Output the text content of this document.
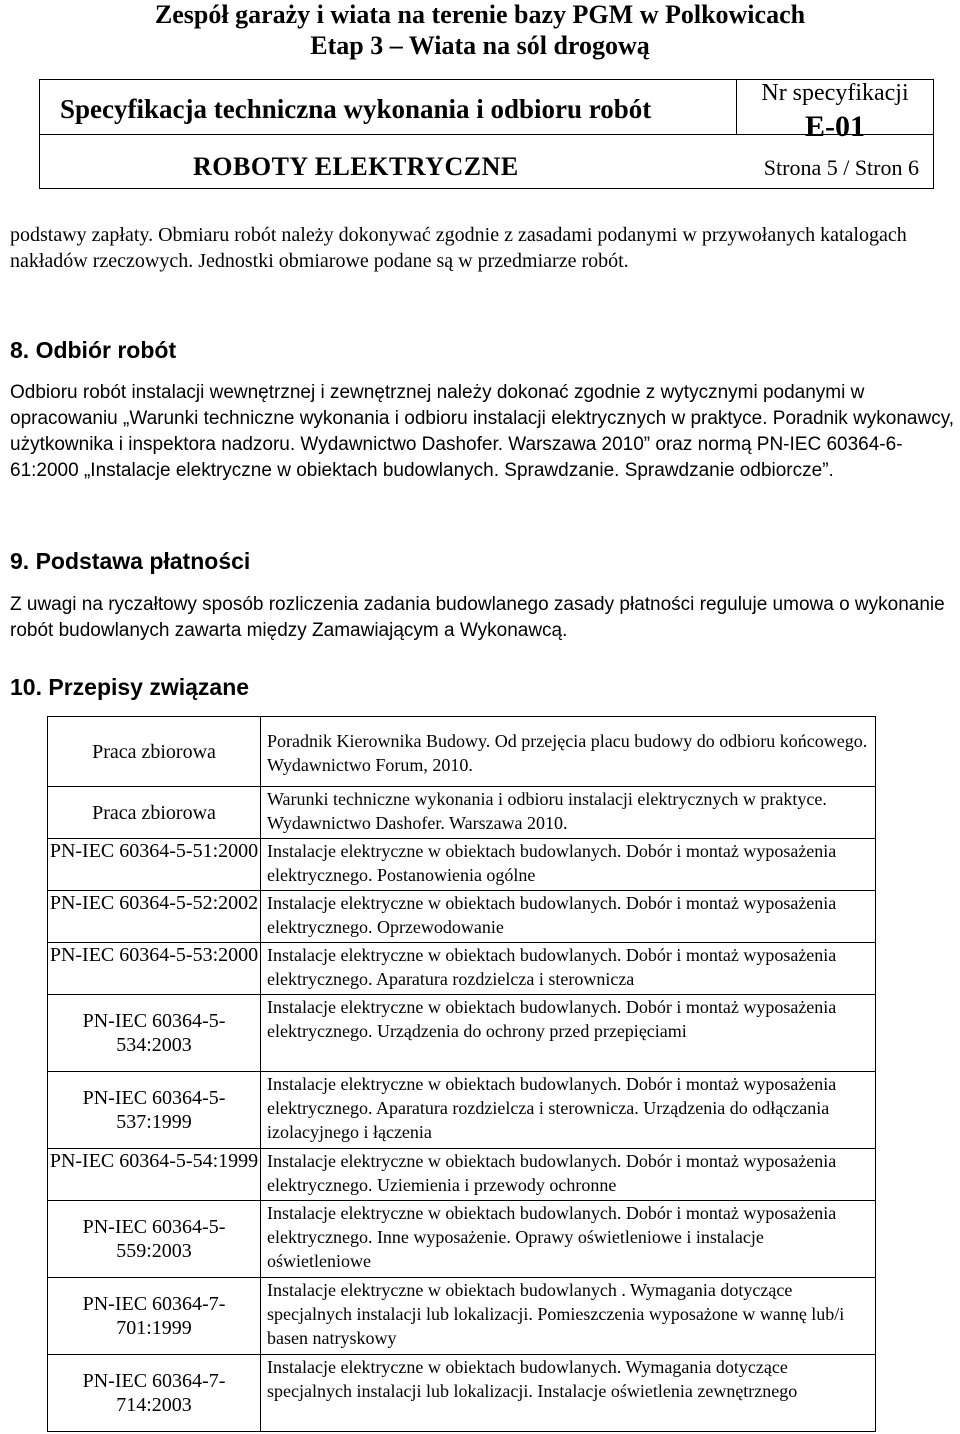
Zespół garaży i wiata na terenie bazy PGM w Polkowicach
Etap 3 – Wiata na sól drogową
Specyfikacja techniczna wykonania i odbioru robót
Nr specyfikacji
E-01
ROBOTY ELEKTRYCZNE	Strona 5 / Stron 6
podstawy zapłaty. Obmiaru robót należy dokonywać zgodnie z zasadami podanymi w przywołanych katalogach nakładów rzeczowych. Jednostki obmiarowe podane są w przedmiarze robót.
8. Odbiór robót
Odbioru robót instalacji wewnętrznej i zewnętrznej należy dokonać zgodnie z wytycznymi podanymi w opracowaniu „Warunki techniczne wykonania i odbioru instalacji elektrycznych w praktyce. Poradnik wykonawcy, użytkownika i inspektora nadzoru. Wydawnictwo Dashofer. Warszawa 2010” oraz normą PN-IEC 60364-6-61:2000 „Instalacje elektryczne w obiektach budowlanych. Sprawdzanie. Sprawdzanie odbiorcze”.
9. Podstawa płatności
Z uwagi na ryczałtowy sposób rozliczenia zadania budowlanego zasady płatności reguluje umowa o wykonanie robót budowlanych zawarta między Zamawiającym a Wykonawcą.
10. Przepisy związane
Praca zbiorowa	Poradnik Kierownika Budowy. Od przejęcia placu budowy do odbioru końcowego. Wydawnictwo Forum, 2010.
Praca zbiorowa	Warunki techniczne wykonania i odbioru instalacji elektrycznych w praktyce. Wydawnictwo Dashofer. Warszawa 2010.
PN-IEC 60364-5-51:2000	Instalacje elektryczne w obiektach budowlanych. Dobór i montaż wyposażenia elektrycznego. Postanowienia ogólne
PN-IEC 60364-5-52:2002	Instalacje elektryczne w obiektach budowlanych. Dobór i montaż wyposażenia elektrycznego. Oprzewodowanie
PN-IEC 60364-5-53:2000	Instalacje elektryczne w obiektach budowlanych. Dobór i montaż wyposażenia elektrycznego. Aparatura rozdzielcza i sterownicza
PN-IEC 60364-5-534:2003	Instalacje elektryczne w obiektach budowlanych. Dobór i montaż wyposażenia elektrycznego. Urządzenia do ochrony przed przepięciami
PN-IEC 60364-5-537:1999	Instalacje elektryczne w obiektach budowlanych. Dobór i montaż wyposażenia elektrycznego. Aparatura rozdzielcza i sterownicza. Urządzenia do odłączania izolacyjnego i łączenia
PN-IEC 60364-5-54:1999	Instalacje elektryczne w obiektach budowlanych. Dobór i montaż wyposażenia elektrycznego. Uziemienia i przewody ochronne
PN-IEC 60364-5-559:2003	Instalacje elektryczne w obiektach budowlanych. Dobór i montaż wyposażenia elektrycznego. Inne wyposażenie. Oprawy oświetleniowe i instalacje oświetleniowe
PN-IEC 60364-7-701:1999	Instalacje elektryczne w obiektach budowlanych . Wymagania dotyczące specjalnych instalacji lub lokalizacji. Pomieszczenia wyposażone w wannę lub/i basen natryskowy
PN-IEC 60364-7-714:2003	Instalacje elektryczne w obiektach budowlanych. Wymagania dotyczące specjalnych instalacji lub lokalizacji. Instalacje oświetlenia zewnętrznego
